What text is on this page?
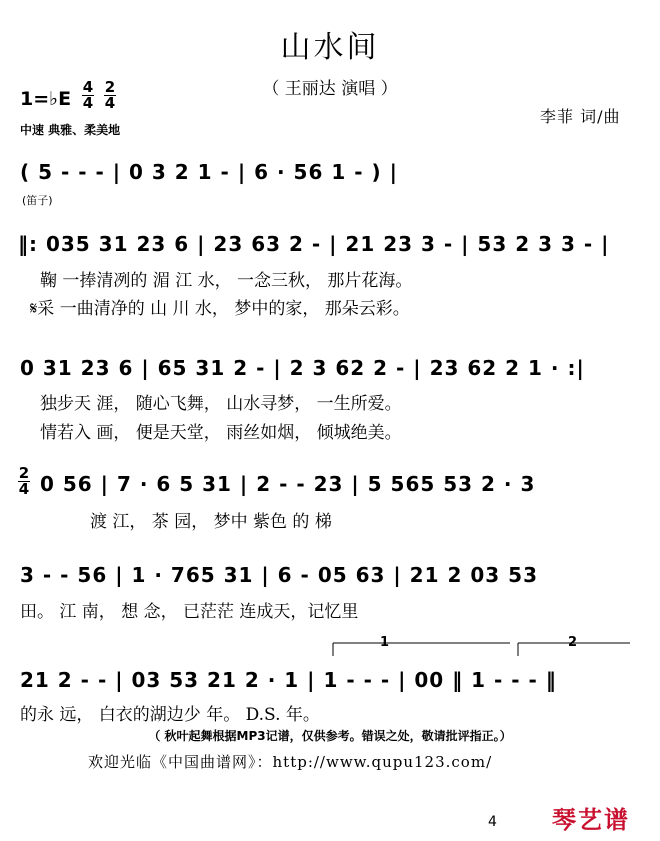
山水间
（ 王丽达 演唱 ）
1=♭E
4
4
2
4
中速 典雅、柔美地
李菲 词/曲
( 5 - - - | 0 3 2 1 - | 6 · 56 1 - ) |
(笛子)
‖: 035 31 23 6 | 23 63 2 - | 21 23 3 - | 53 2 3 3 - |
鞠 一捧清冽的 湄 江 水， 一念三秋， 那片花海。
𝄋采 一曲清净的 山 川 水， 梦中的家， 那朵云彩。
0 31 23 6 | 65 31 2 - | 2 3 62 2 - | 23 62 2 1 · :|
独步天 涯， 随心飞舞， 山水寻梦， 一生所爱。
情若入 画， 便是天堂， 雨丝如烟， 倾城绝美。
2
4 0 56 | 7 · 6 5 31 | 2 - - 23 | 5 565 53 2 · 3
渡 江， 茶 园， 梦中 紫色 的 梯
3 - - 56 | 1 · 765 31 | 6 - 05 63 | 21 2 03 53
田。 江 南， 想 念， 已茫茫 连成天，记忆里
1	2
21 2 - - | 03 53 21 2 · 1 | 1 - - - | 00 ‖ 1 - - - ‖
的永 远， 白衣的湖边少 年。 D.S. 年。
（ 秋叶起舞根据MP3记谱，仅供参考。错误之处，敬请批评指正。）
欢迎光临《中国曲谱网》：http://www.qupu123.com/
4 琴艺谱
